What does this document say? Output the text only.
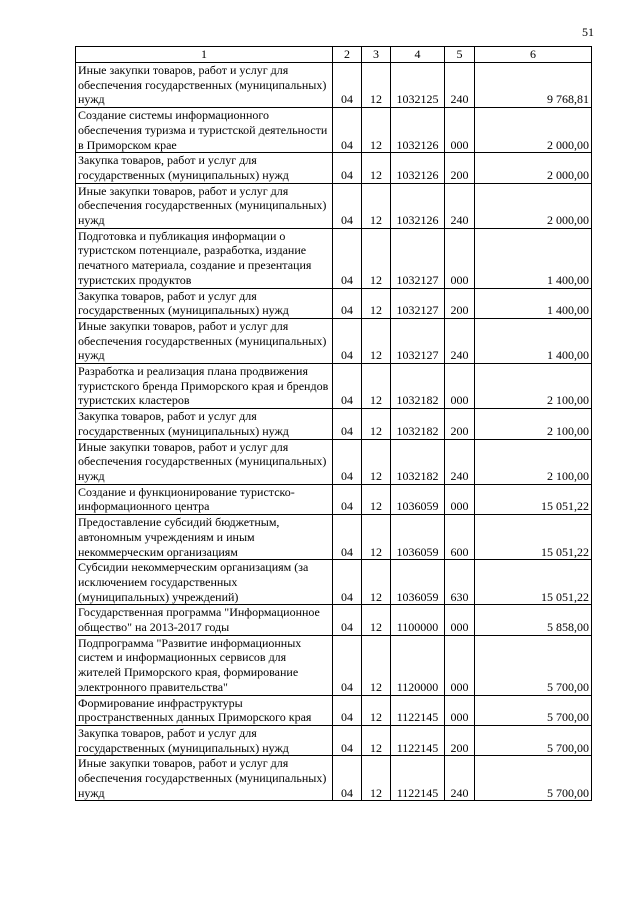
51
1	2	3	4	5	6
Иные закупки товаров, работ и услуг для обеспечения государственных (муниципальных) нужд	04	12	1032125	240	9 768,81
Создание системы информационного обеспечения туризма и туристской деятельности в Приморском крае	04	12	1032126	000	2 000,00
Закупка товаров, работ и услуг для государственных (муниципальных) нужд	04	12	1032126	200	2 000,00
Иные закупки товаров, работ и услуг для обеспечения государственных (муниципальных) нужд	04	12	1032126	240	2 000,00
Подготовка и публикация информации о туристском потенциале, разработка, издание печатного материала, создание и презентация туристских продуктов	04	12	1032127	000	1 400,00
Закупка товаров, работ и услуг для государственных (муниципальных) нужд	04	12	1032127	200	1 400,00
Иные закупки товаров, работ и услуг для обеспечения государственных (муниципальных) нужд	04	12	1032127	240	1 400,00
Разработка и реализация плана продвижения туристского бренда Приморского края и брендов туристских кластеров	04	12	1032182	000	2 100,00
Закупка товаров, работ и услуг для государственных (муниципальных) нужд	04	12	1032182	200	2 100,00
Иные закупки товаров, работ и услуг для обеспечения государственных (муниципальных) нужд	04	12	1032182	240	2 100,00
Создание и функционирование туристско-информационного центра	04	12	1036059	000	15 051,22
Предоставление субсидий бюджетным, автономным учреждениям и иным некоммерческим организациям	04	12	1036059	600	15 051,22
Субсидии некоммерческим организациям (за исключением государственных (муниципальных) учреждений)	04	12	1036059	630	15 051,22
Государственная программа "Информационное общество" на 2013-2017 годы	04	12	1100000	000	5 858,00
Подпрограмма "Развитие информационных систем и информационных сервисов для жителей Приморского края, формирование электронного правительства"	04	12	1120000	000	5 700,00
Формирование инфраструктуры пространственных данных Приморского края	04	12	1122145	000	5 700,00
Закупка товаров, работ и услуг для государственных (муниципальных) нужд	04	12	1122145	200	5 700,00
Иные закупки товаров, работ и услуг для обеспечения государственных (муниципальных) нужд	04	12	1122145	240	5 700,00
